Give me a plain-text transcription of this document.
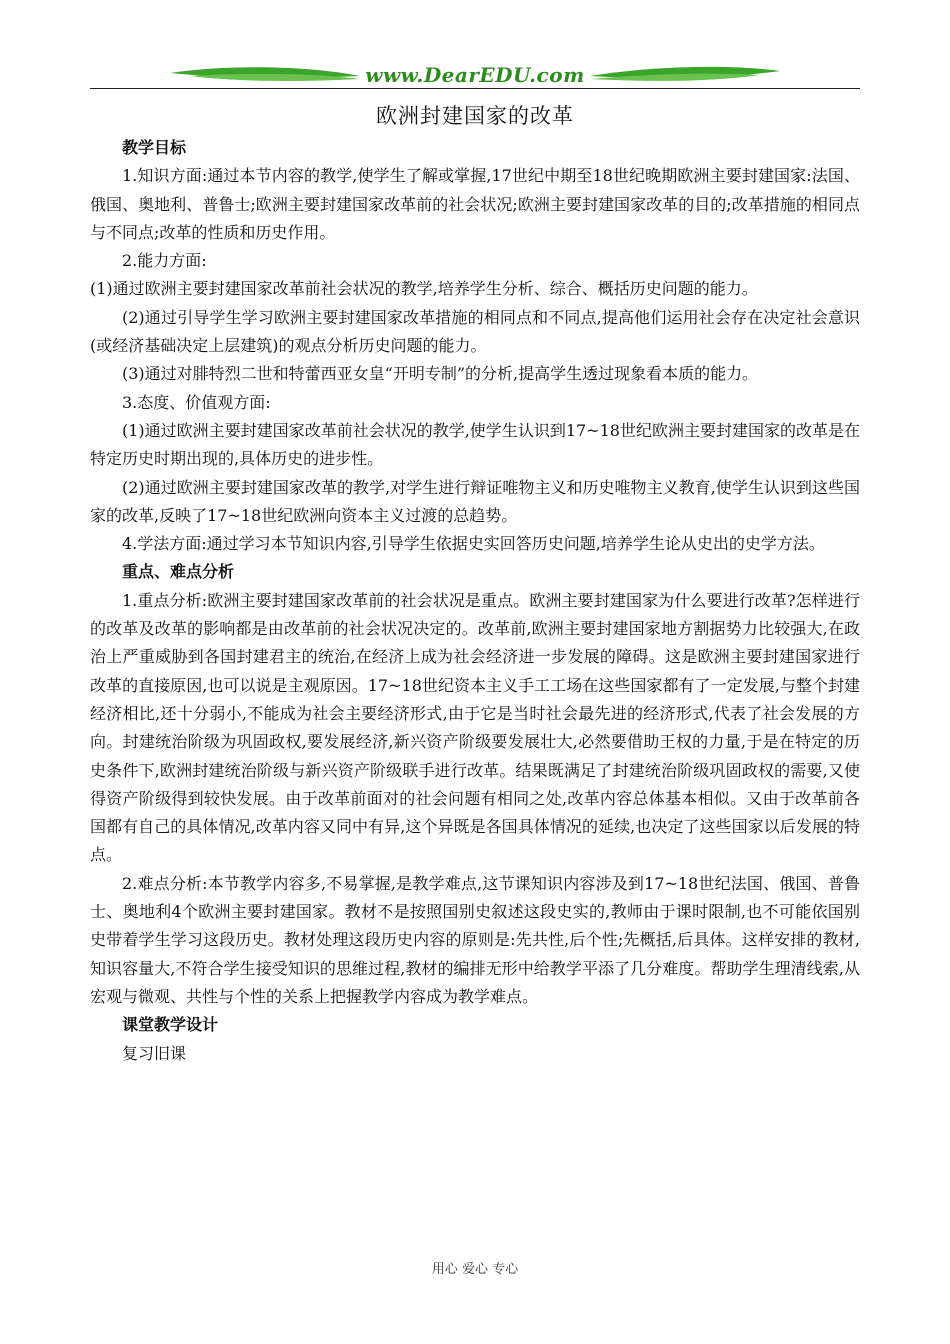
www.DearEDU.com
欧洲封建国家的改革

教学目标

1.知识方面:通过本节内容的教学,使学生了解或掌握,17世纪中期至18世纪晚期欧洲主要封建国家:法国、俄国、奥地利、普鲁士;欧洲主要封建国家改革前的社会状况;欧洲主要封建国家改革的目的;改革措施的相同点与不同点;改革的性质和历史作用。

2.能力方面:

(1)通过欧洲主要封建国家改革前社会状况的教学,培养学生分析、综合、概括历史问题的能力。

(2)通过引导学生学习欧洲主要封建国家改革措施的相同点和不同点,提高他们运用社会存在决定社会意识(或经济基础决定上层建筑)的观点分析历史问题的能力。

(3)通过对腓特烈二世和特蕾西亚女皇“开明专制”的分析,提高学生透过现象看本质的能力。

3.态度、价值观方面:

(1)通过欧洲主要封建国家改革前社会状况的教学,使学生认识到17~18世纪欧洲主要封建国家的改革是在特定历史时期出现的,具体历史的进步性。

(2)通过欧洲主要封建国家改革的教学,对学生进行辩证唯物主义和历史唯物主义教育,使学生认识到这些国家的改革,反映了17~18世纪欧洲向资本主义过渡的总趋势。

4.学法方面:通过学习本节知识内容,引导学生依据史实回答历史问题,培养学生论从史出的史学方法。

重点、难点分析

1.重点分析:欧洲主要封建国家改革前的社会状况是重点。欧洲主要封建国家为什么要进行改革?怎样进行的改革及改革的影响都是由改革前的社会状况决定的。改革前,欧洲主要封建国家地方割据势力比较强大,在政治上严重威胁到各国封建君主的统治,在经济上成为社会经济进一步发展的障碍。这是欧洲主要封建国家进行改革的直接原因,也可以说是主观原因。17~18世纪资本主义手工工场在这些国家都有了一定发展,与整个封建经济相比,还十分弱小,不能成为社会主要经济形式,由于它是当时社会最先进的经济形式,代表了社会发展的方向。封建统治阶级为巩固政权,要发展经济,新兴资产阶级要发展壮大,必然要借助王权的力量,于是在特定的历史条件下,欧洲封建统治阶级与新兴资产阶级联手进行改革。结果既满足了封建统治阶级巩固政权的需要,又使得资产阶级得到较快发展。由于改革前面对的社会问题有相同之处,改革内容总体基本相似。又由于改革前各国都有自己的具体情况,改革内容又同中有异,这个异既是各国具体情况的延续,也决定了这些国家以后发展的特点。

2.难点分析:本节教学内容多,不易掌握,是教学难点,这节课知识内容涉及到17~18世纪法国、俄国、普鲁士、奥地利4个欧洲主要封建国家。教材不是按照国别史叙述这段史实的,教师由于课时限制,也不可能依国别史带着学生学习这段历史。教材处理这段历史内容的原则是:先共性,后个性;先概括,后具体。这样安排的教材,知识容量大,不符合学生接受知识的思维过程,教材的编排无形中给教学平添了几分难度。帮助学生理清线索,从宏观与微观、共性与个性的关系上把握教学内容成为教学难点。

课堂教学设计

复习旧课

用心 爱心 专心
